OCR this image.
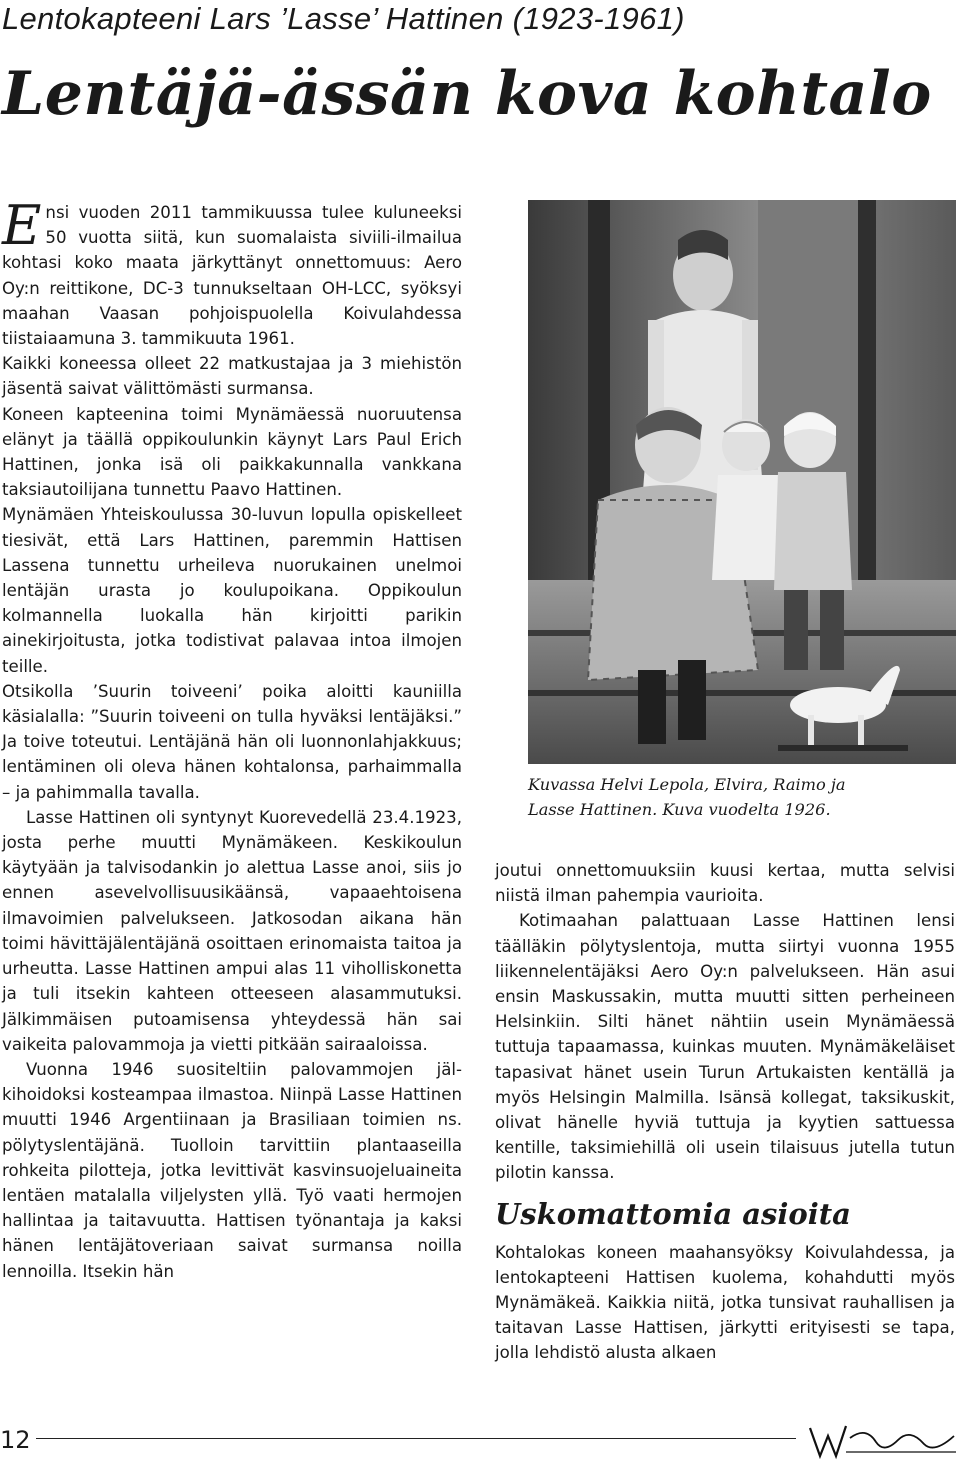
Lentokapteeni Lars ’Lasse’ Hattinen (1923-1961)
Lentäjä-ässän kova kohtalo

Ensi vuoden 2011 tammikuussa tulee kuluneeksi 50 vuotta siitä, kun suomalaista siviili-ilmailua kohtasi koko maata järkyttänyt onnettomuus: Aero Oy:n reittikone, DC-3 tunnukseltaan OH-LCC, syöksyi maahan Vaasan pohjoispuolella Koivulahdessa tiistaiaamuna 3. tammikuuta 1961.

Kaikki koneessa olleet 22 matkustajaa ja 3 miehistön jäsentä saivat välittömästi surmansa.

Koneen kapteenina toimi Mynämäessä nuoruutensa elänyt ja täällä oppikoulunkin käynyt Lars Paul Erich Hattinen, jonka isä oli paikkakunnalla vankkana taksiautoilijana tunnettu Paavo Hattinen.

Mynämäen Yhteiskoulussa 30-luvun lopulla opiskelleet tiesivät, että Lars Hattinen, paremmin Hattisen Lassena tunnettu urheileva nuorukainen unelmoi lentäjän urasta jo koulupoikana. Oppikoulun kolmannella luokalla hän kirjoitti parikin ainekirjoitusta, jotka todistivat palavaa intoa ilmojen teille.

Otsikolla ’Suurin toiveeni’ poika aloitti kauniilla käsialalla: ”Suurin toiveeni on tulla hyväksi lentäjäksi.” Ja toive toteutui. Lentäjänä hän oli luonnonlahjakkuus; lentäminen oli oleva hänen kohtalonsa, parhaimmalla – ja pahimmalla tavalla.

Lasse Hattinen oli syntynyt Kuorevedellä 23.4.1923, josta perhe muutti Mynämäkeen. Keskikoulun käytyään ja talvisodankin jo alettua Lasse anoi, siis jo ennen asevelvollisuusikäänsä, vapaaehtoisena ilmavoimien palvelukseen. Jatkosodan aikana hän toimi hävittäjälentäjänä osoittaen erinomaista taitoa ja urheutta. Lasse Hattinen ampui alas 11 viholliskonetta ja tuli itsekin kahteen otteeseen alasammutuksi. Jälkimmäisen putoamisensa yhteydessä hän sai vaikeita palovammoja ja vietti pitkään sairaaloissa.

Vuonna 1946 suositeltiin palovammojen jälkihoidoksi kosteampaa ilmastoa. Niinpä Lasse Hattinen muutti 1946 Argentiinaan ja Brasiliaan toimien ns. pölytyslentäjänä. Tuolloin tarvittiin plantaaseilla rohkeita pilotteja, jotka levittivät kasvinsuojeluaineita lentäen matalalla viljelysten yllä. Työ vaati hermojen hallintaa ja taitavuutta. Hattisen työnantaja ja kaksi hänen lentäjätoveriaan saivat surmansa noilla lennoilla. Itsekin hän

Kuvassa Helvi Lepola, Elvira, Raimo ja
Lasse Hattinen. Kuva vuodelta 1926.

joutui onnettomuuksiin kuusi kertaa, mutta selvisi niistä ilman pahempia vaurioita.

Kotimaahan palattuaan Lasse Hattinen lensi täälläkin pölytyslentoja, mutta siirtyi vuonna 1955 liikennelentäjäksi Aero Oy:n palvelukseen. Hän asui ensin Maskussakin, mutta muutti sitten perheineen Helsinkiin. Silti hänet nähtiin usein Mynämäessä tuttuja tapaamassa, kuinkas muuten. Mynämäkeläiset tapasivat hänet usein Turun Artukaisten kentällä ja myös Helsingin Malmilla. Isänsä kollegat, taksikuskit, olivat hänelle hyviä tuttuja ja kyytien sattuessa kentille, taksimiehillä oli usein tilaisuus jutella tutun pilotin kanssa.

Uskomattomia asioita

Kohtalokas koneen maahansyöksy Koivulahdessa, ja lentokapteeni Hattisen kuolema, kohahdutti myös Mynämäkeä. Kaikkia niitä, jotka tunsivat rauhallisen ja taitavan Lasse Hattisen, järkytti erityisesti se tapa, jolla lehdistö alusta alkaen

12
